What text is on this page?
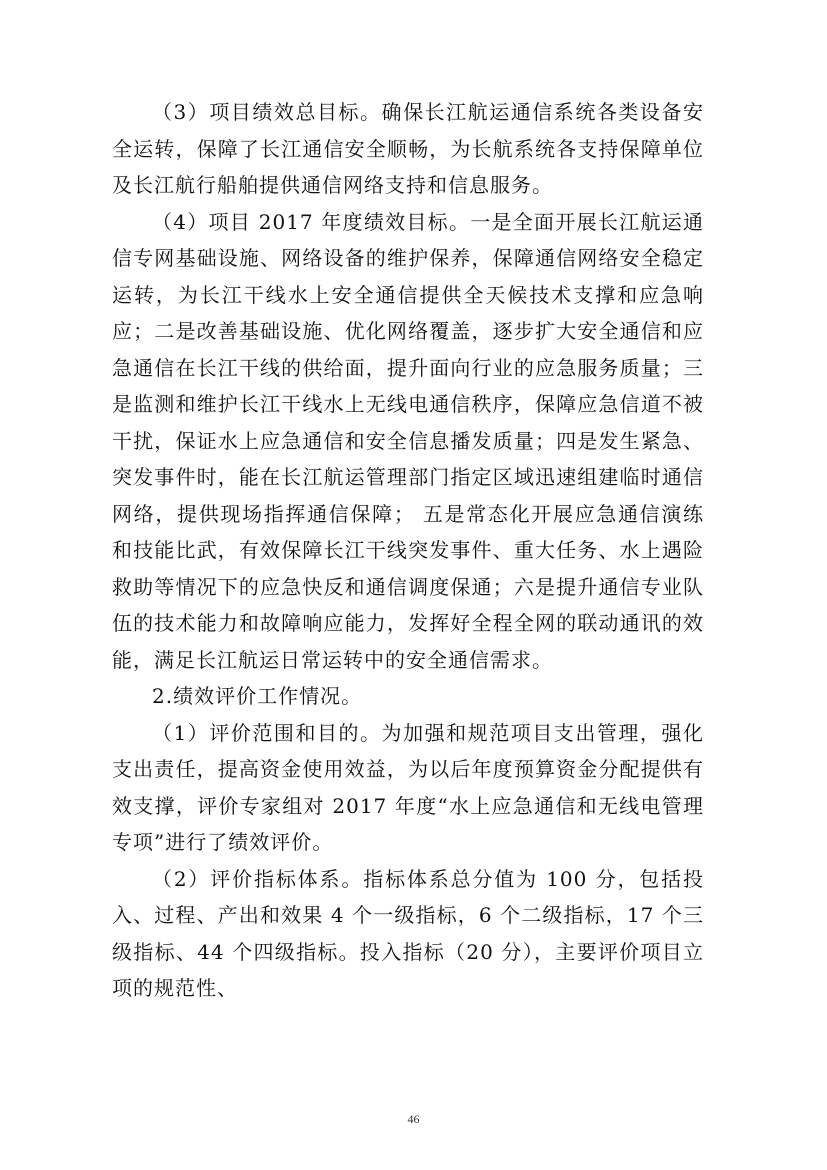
（3）项目绩效总目标。确保长江航运通信系统各类设备安全运转，保障了长江通信安全顺畅，为长航系统各支持保障单位及长江航行船舶提供通信网络支持和信息服务。

（4）项目 2017 年度绩效目标。一是全面开展长江航运通信专网基础设施、网络设备的维护保养，保障通信网络安全稳定运转，为长江干线水上安全通信提供全天候技术支撑和应急响应；二是改善基础设施、优化网络覆盖，逐步扩大安全通信和应急通信在长江干线的供给面，提升面向行业的应急服务质量；三是监测和维护长江干线水上无线电通信秩序，保障应急信道不被干扰，保证水上应急通信和安全信息播发质量；四是发生紧急、突发事件时，能在长江航运管理部门指定区域迅速组建临时通信网络，提供现场指挥通信保障； 五是常态化开展应急通信演练和技能比武，有效保障长江干线突发事件、重大任务、水上遇险救助等情况下的应急快反和通信调度保通；六是提升通信专业队伍的技术能力和故障响应能力，发挥好全程全网的联动通讯的效能，满足长江航运日常运转中的安全通信需求。

2.绩效评价工作情况。

（1）评价范围和目的。为加强和规范项目支出管理，强化支出责任，提高资金使用效益，为以后年度预算资金分配提供有效支撑，评价专家组对 2017 年度“水上应急通信和无线电管理专项”进行了绩效评价。

（2）评价指标体系。指标体系总分值为 100 分，包括投入、过程、产出和效果 4 个一级指标，6 个二级指标，17 个三级指标、44 个四级指标。投入指标（20 分），主要评价项目立项的规范性、

46
